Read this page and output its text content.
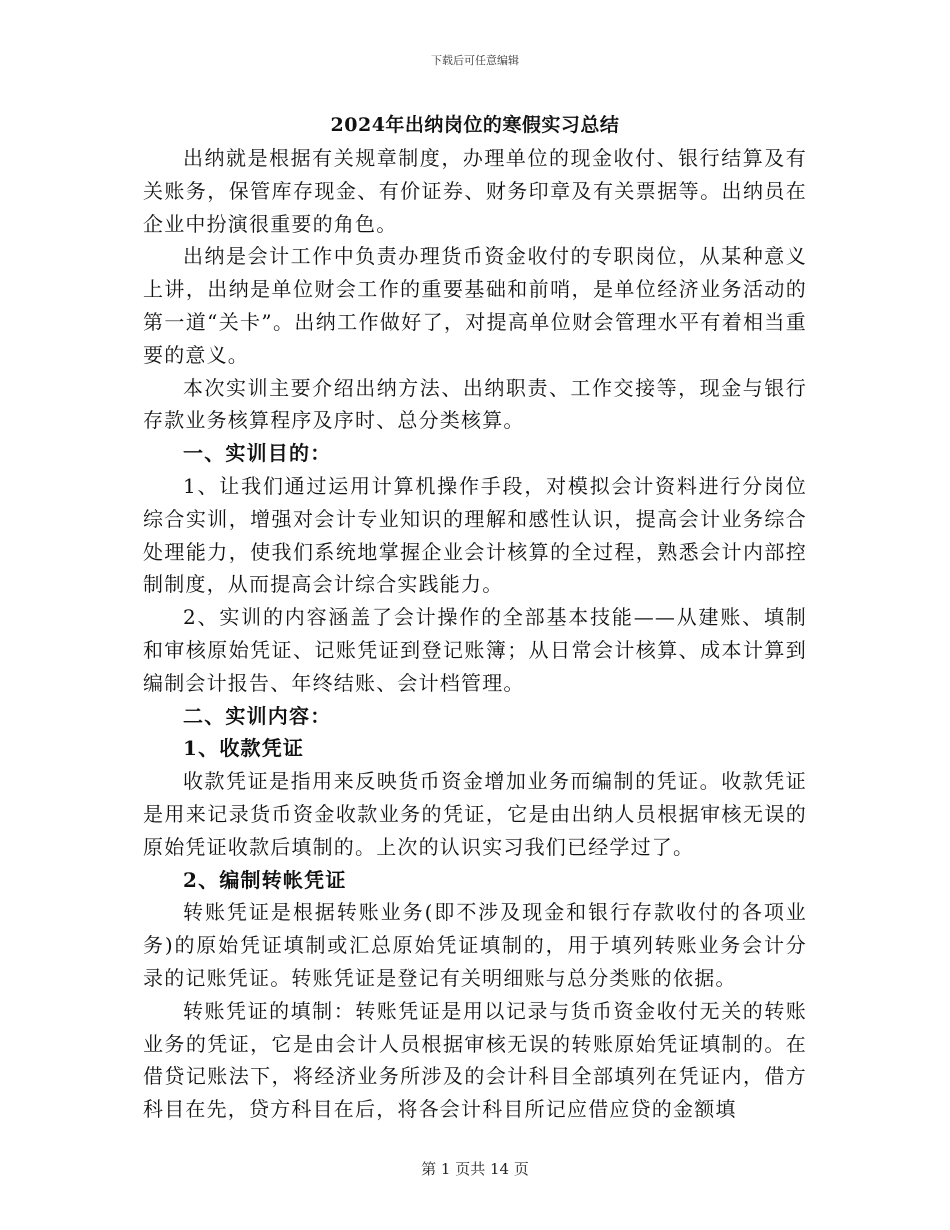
下载后可任意编辑
2024年出纳岗位的寒假实习总结

出纳就是根据有关规章制度，办理单位的现金收付、银行结算及有关账务，保管库存现金、有价证券、财务印章及有关票据等。出纳员在企业中扮演很重要的角色。

出纳是会计工作中负责办理货币资金收付的专职岗位，从某种意义上讲，出纳是单位财会工作的重要基础和前哨，是单位经济业务活动的第一道“关卡”。出纳工作做好了，对提高单位财会管理水平有着相当重要的意义。

本次实训主要介绍出纳方法、出纳职责、工作交接等，现金与银行存款业务核算程序及序时、总分类核算。

一、实训目的：

1、让我们通过运用计算机操作手段，对模拟会计资料进行分岗位综合实训，增强对会计专业知识的理解和感性认识，提高会计业务综合处理能力，使我们系统地掌握企业会计核算的全过程，熟悉会计内部控制制度，从而提高会计综合实践能力。

2、实训的内容涵盖了会计操作的全部基本技能——从建账、填制和审核原始凭证、记账凭证到登记账簿；从日常会计核算、成本计算到编制会计报告、年终结账、会计档管理。

二、实训内容：

1、收款凭证

收款凭证是指用来反映货币资金增加业务而编制的凭证。收款凭证是用来记录货币资金收款业务的凭证，它是由出纳人员根据审核无误的原始凭证收款后填制的。上次的认识实习我们已经学过了。

2、编制转帐凭证

转账凭证是根据转账业务(即不涉及现金和银行存款收付的各项业务)的原始凭证填制或汇总原始凭证填制的，用于填列转账业务会计分录的记账凭证。转账凭证是登记有关明细账与总分类账的依据。

转账凭证的填制：转账凭证是用以记录与货币资金收付无关的转账业务的凭证，它是由会计人员根据审核无误的转账原始凭证填制的。在借贷记账法下，将经济业务所涉及的会计科目全部填列在凭证内，借方科目在先，贷方科目在后，将各会计科目所记应借应贷的金额填

第 1 页共 14 页
